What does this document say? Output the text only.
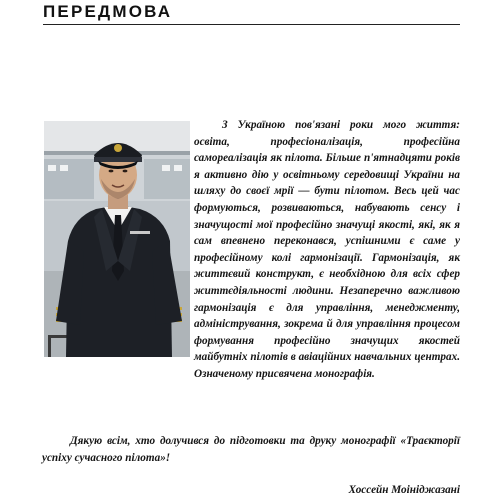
ПЕРЕДМОВА

З Україною пов'язані роки мого життя: освіта, професіоналізація, професійна самореалізація як пілота. Більше п'ятнадцяти років я активно дію у освітньому середовищі України на шляху до своєї мрії — бути пілотом. Весь цей час формуються, розвиваються, набувають сенсу і значущості мої професійно значущі якості, які, як я сам впевнено переконався, успішними є саме у професійному колі гармонізації. Гармонізація, як життєвий конструкт, є необхідною для всіх сфер життєдіяльності людини. Незаперечно важливою гармонізація є для управління, менеджменту, адміністрування, зокрема й для управління процесом формування професійно значущих якостей майбутніх пілотів в авіаційних навчальних центрах. Означеному присвячена монографія.

Дякую всім, хто долучився до підготовки та друку монографії «Траєкторії успіху сучасного пілота»!

Хоссейн Моініджазані
